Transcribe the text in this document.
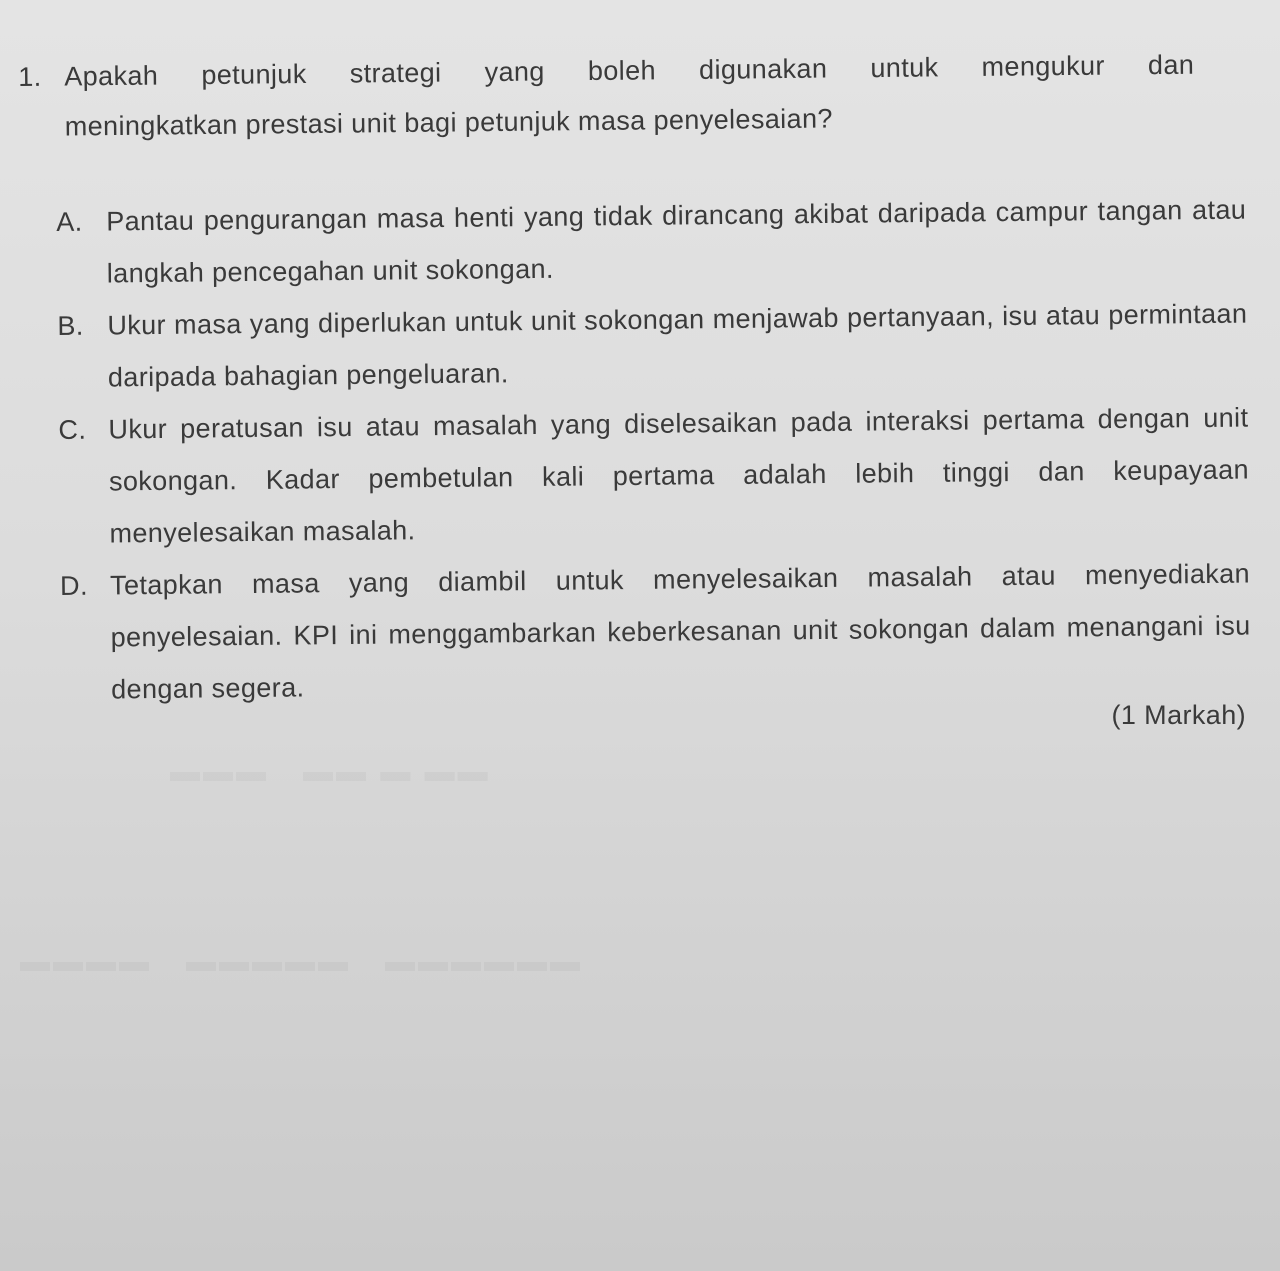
1. Apakah petunjuk strategi yang boleh digunakan untuk mengukur dan
meningkatkan prestasi unit bagi petunjuk masa penyelesaian?
A. Pantau pengurangan masa henti yang tidak dirancang akibat daripada campur tangan atau langkah pencegahan unit sokongan.
B. Ukur masa yang diperlukan untuk unit sokongan menjawab pertanyaan, isu atau permintaan daripada bahagian pengeluaran.
C. Ukur peratusan isu atau masalah yang diselesaikan pada interaksi pertama dengan unit sokongan. Kadar pembetulan kali pertama adalah lebih tinggi dan keupayaan menyelesaikan masalah.
D. Tetapkan masa yang diambil untuk menyelesaikan masalah atau menyediakan penyelesaian. KPI ini menggambarkan keberkesanan unit sokongan dalam menangani isu dengan segera.
(1 Markah)
▬▬▬   ▬▬ ▬ ▬▬
▬▬▬▬   ▬▬▬▬▬   ▬▬▬▬▬▬
